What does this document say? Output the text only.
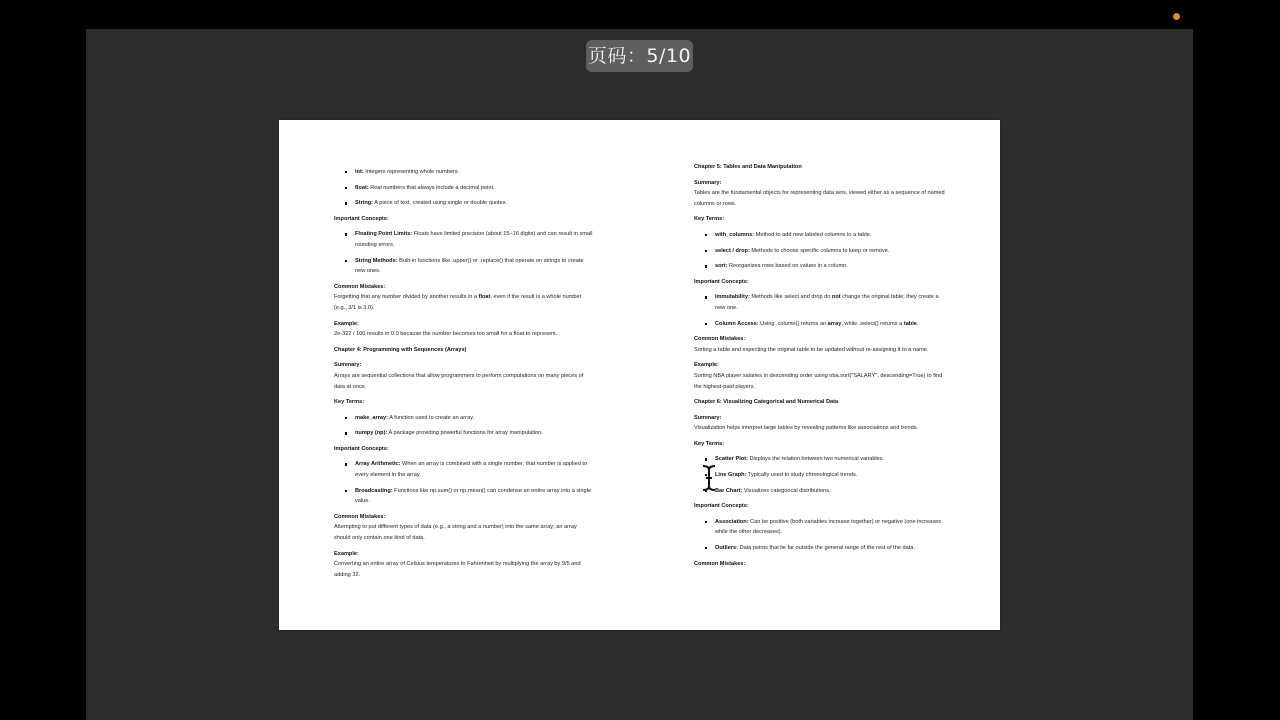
页码：5/10
int: Integers representing whole numbers.
float: Real numbers that always include a decimal point.
String: A piece of text, created using single or double quotes.
Important Concepts:
Floating Point Limits: Floats have limited precision (about 15–16 digits) and can result in small rounding errors.
String Methods: Built-in functions like .upper() or .replace() that operate on strings to create new ones.
Common Mistakes:

Forgetting that any number divided by another results in a float, even if the result is a whole number (e.g., 3/1 is 3.0).

Example:

2e-322 / 100 results in 0.0 because the number becomes too small for a float to represent.

Chapter 4: Programming with Sequences (Arrays)
Summary:

Arrays are sequential collections that allow programmers to perform computations on many pieces of data at once.

Key Terms:
make_array: A function used to create an array.
numpy (np): A package providing powerful functions for array manipulation.
Important Concepts:
Array Arithmetic: When an array is combined with a single number, that number is applied to every element in the array.
Broadcasting: Functions like np.sum() or np.mean() can condense an entire array into a single value.
Common Mistakes:

Attempting to put different types of data (e.g., a string and a number) into the same array; an array should only contain one kind of data.

Example:

Converting an entire array of Celsius temperatures to Fahrenheit by multiplying the array by 9/5 and adding 32.

Chapter 5: Tables and Data Manipulation
Summary:

Tables are the fundamental objects for representing data sets, viewed either as a sequence of named columns or rows.

Key Terms:
with_columns: Method to add new labeled columns to a table.
select / drop: Methods to choose specific columns to keep or remove.
sort: Reorganizes rows based on values in a column.
Important Concepts:
Immutability: Methods like select and drop do not change the original table; they create a new one.
Column Access: Using .column() returns an array, while .select() returns a table.
Common Mistakes:

Sorting a table and expecting the original table to be updated without re-assigning it to a name.

Example:

Sorting NBA player salaries in descending order using nba.sort("SALARY", descending=True) to find the highest-paid players.

Chapter 6: Visualizing Categorical and Numerical Data
Summary:

Visualization helps interpret large tables by revealing patterns like associations and trends.

Key Terms:
Scatter Plot: Displays the relation between two numerical variables.
Line Graph: Typically used to study chronological trends.
Bar Chart: Visualizes categorical distributions.
Important Concepts:
Association: Can be positive (both variables increase together) or negative (one increases while the other decreases).
Outliers: Data points that lie far outside the general range of the rest of the data.
Common Mistakes:
